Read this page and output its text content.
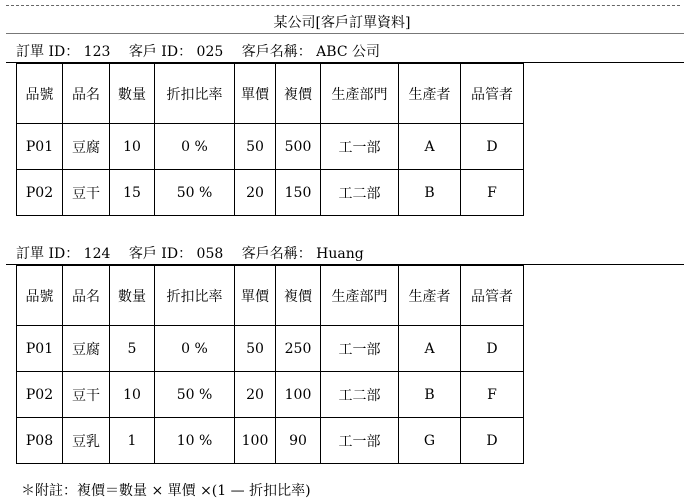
某公司[客戶訂單資料]
訂單 ID： 123 客戶 ID： 025 客戶名稱： ABC 公司
品號	品名	數量	折扣比率	單價	複價	生產部門	生產者	品管者
P01	豆腐	10	0 %	50	500	工一部	A	D
P02	豆干	15	50 %	20	150	工二部	B	F
訂單 ID： 124 客戶 ID： 058 客戶名稱： Huang
品號	品名	數量	折扣比率	單價	複價	生產部門	生產者	品管者
P01	豆腐	5	0 %	50	250	工一部	A	D
P02	豆干	10	50 %	20	100	工二部	B	F
P08	豆乳	1	10 %	100	90	工一部	G	D
＊附註：複價＝數量 × 單價 ×(1 — 折扣比率)
